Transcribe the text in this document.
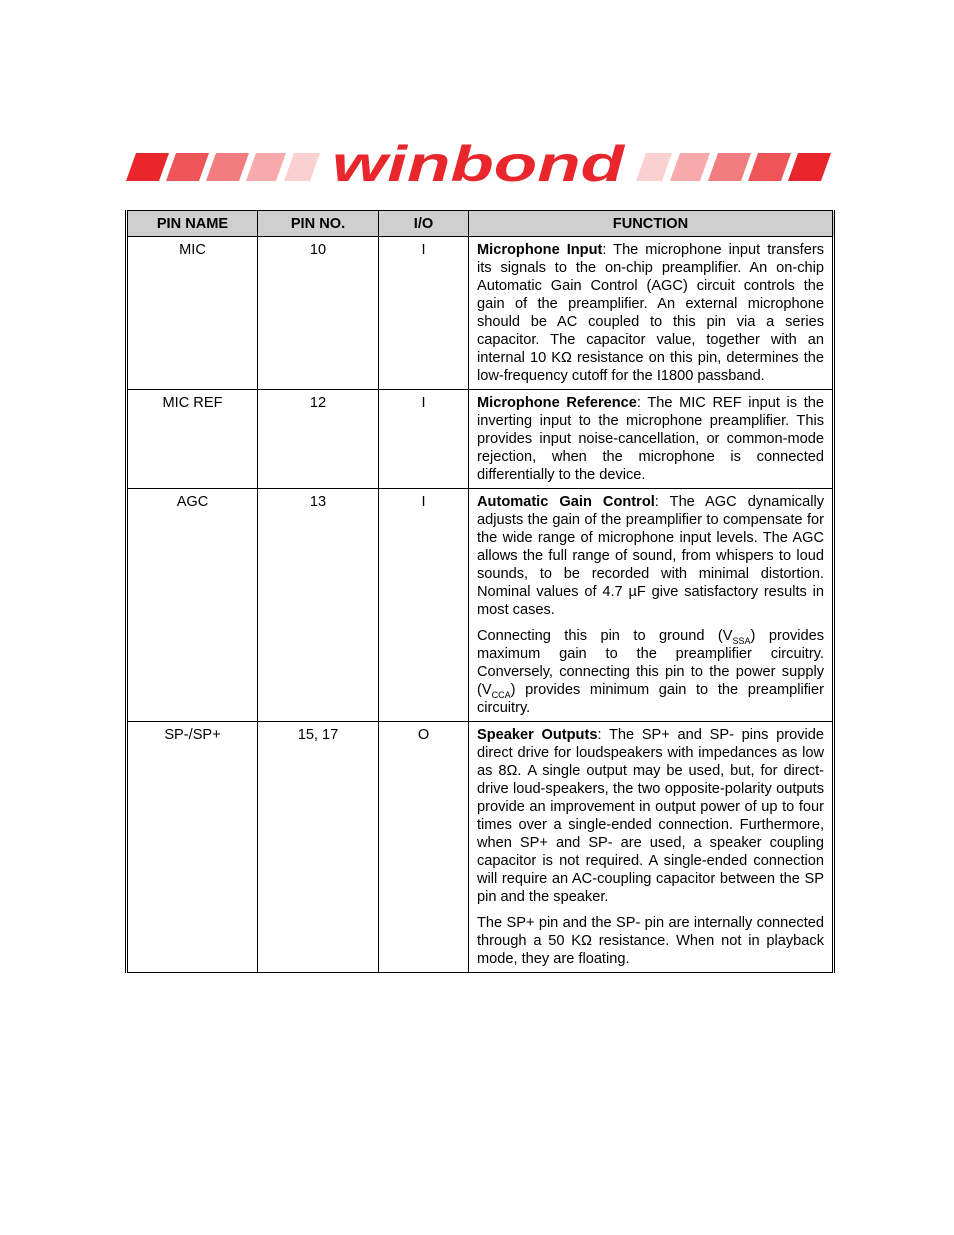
winbond
PIN NAME	PIN NO.	I/O	FUNCTION
MIC	10	I	Microphone Input: The microphone input transfers its signals to the on-chip preamplifier. An on-chip Automatic Gain Control (AGC) circuit controls the gain of the preamplifier. An external microphone should be AC coupled to this pin via a series capacitor. The capacitor value, together with an internal 10 KΩ resistance on this pin, determines the low-frequency cutoff for the I1800 passband.

MIC REF	12	I	Microphone Reference: The MIC REF input is the inverting input to the microphone preamplifier. This provides input noise-cancellation, or common-mode rejection, when the microphone is connected differentially to the device.

AGC	13	I	Automatic Gain Control: The AGC dynamically adjusts the gain of the preamplifier to compensate for the wide range of microphone input levels. The AGC allows the full range of sound, from whispers to loud sounds, to be recorded with minimal distortion. Nominal values of 4.7 µF give satisfactory results in most cases.

Connecting this pin to ground $(V_{SSA})$ provides maximum gain to the preamplifier circuitry. Conversely, connecting this pin to the power supply $(V_{CCA})$ provides minimum gain to the preamplifier circuitry.

SP-/SP+	15, 17	O	Speaker Outputs: The SP+ and SP- pins provide direct drive for loudspeakers with impedances as low as 8Ω. A single output may be used, but, for direct-drive loud-speakers, the two opposite-polarity outputs provide an improvement in output power of up to four times over a single-ended connection. Furthermore, when SP+ and SP- are used, a speaker coupling capacitor is not required. A single-ended connection will require an AC-coupling capacitor between the SP pin and the speaker.

The SP+ pin and the SP- pin are internally connected through a 50 KΩ resistance. When not in playback mode, they are floating.
